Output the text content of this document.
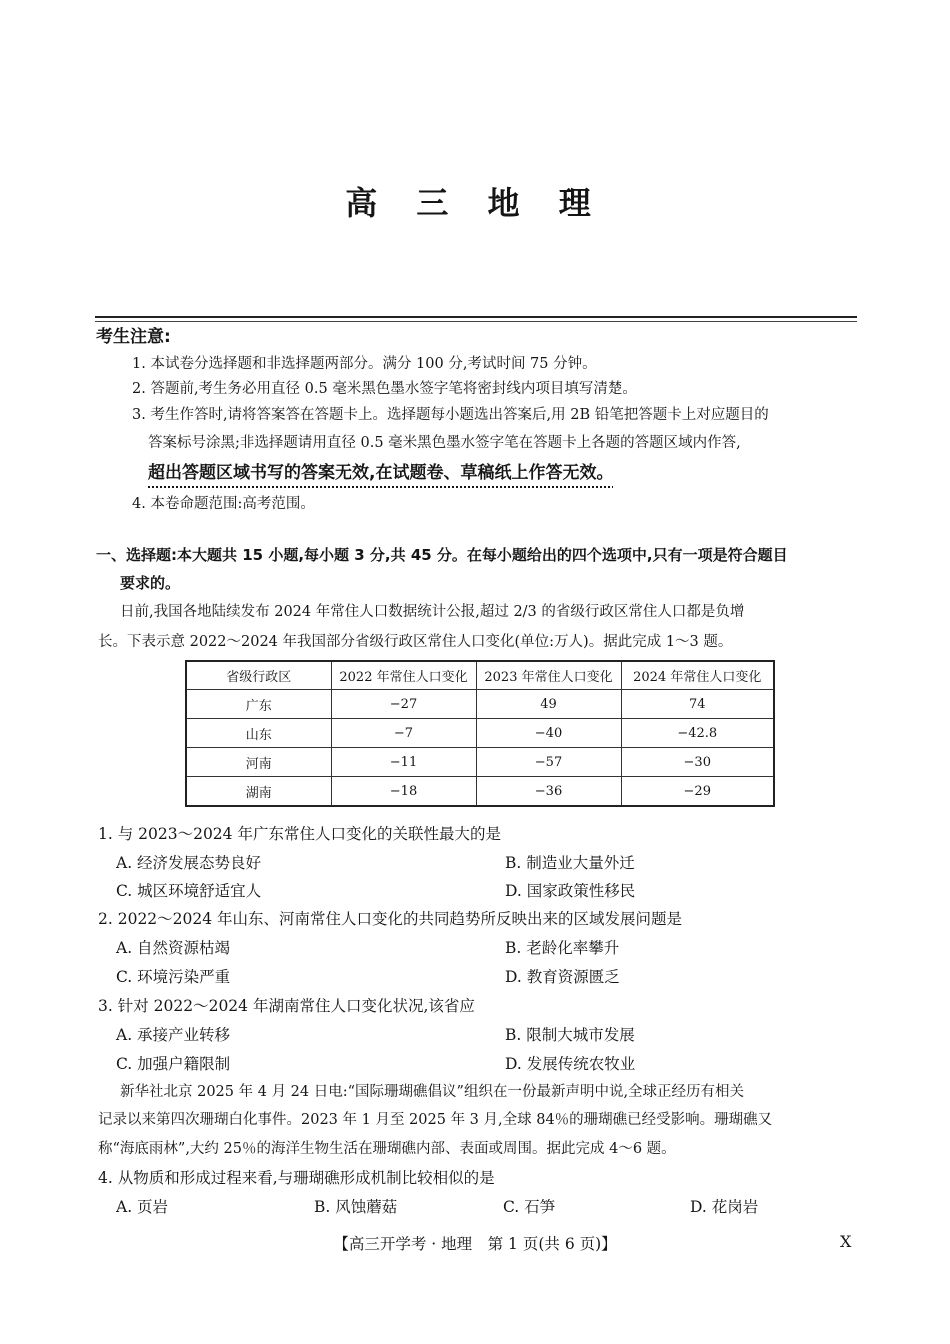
高 三 地 理
考生注意:
1. 本试卷分选择题和非选择题两部分。满分 100 分,考试时间 75 分钟。
2. 答题前,考生务必用直径 0.5 毫米黑色墨水签字笔将密封线内项目填写清楚。
3. 考生作答时,请将答案答在答题卡上。选择题每小题选出答案后,用 2B 铅笔把答题卡上对应题目的
答案标号涂黑;非选择题请用直径 0.5 毫米黑色墨水签字笔在答题卡上各题的答题区域内作答,
超出答题区域书写的答案无效,在试题卷、草稿纸上作答无效。
4. 本卷命题范围:高考范围。
一、选择题:本大题共 15 小题,每小题 3 分,共 45 分。在每小题给出的四个选项中,只有一项是符合题目
要求的。
日前,我国各地陆续发布 2024 年常住人口数据统计公报,超过 2/3 的省级行政区常住人口都是负增
长。下表示意 2022～2024 年我国部分省级行政区常住人口变化(单位:万人)。据此完成 1～3 题。
省级行政区	2022 年常住人口变化	2023 年常住人口变化	2024 年常住人口变化
广东	−27	49	74
山东	−7	−40	−42.8
河南	−11	−57	−30
湖南	−18	−36	−29
1. 与 2023～2024 年广东常住人口变化的关联性最大的是
A. 经济发展态势良好	B. 制造业大量外迁
C. 城区环境舒适宜人	D. 国家政策性移民
2. 2022～2024 年山东、河南常住人口变化的共同趋势所反映出来的区域发展问题是
A. 自然资源枯竭	B. 老龄化率攀升
C. 环境污染严重	D. 教育资源匮乏
3. 针对 2022～2024 年湖南常住人口变化状况,该省应
A. 承接产业转移	B. 限制大城市发展
C. 加强户籍限制	D. 发展传统农牧业
新华社北京 2025 年 4 月 24 日电:“国际珊瑚礁倡议”组织在一份最新声明中说,全球正经历有相关
记录以来第四次珊瑚白化事件。2023 年 1 月至 2025 年 3 月,全球 84％的珊瑚礁已经受影响。珊瑚礁又
称“海底雨林”,大约 25％的海洋生物生活在珊瑚礁内部、表面或周围。据此完成 4～6 题。
4. 从物质和形成过程来看,与珊瑚礁形成机制比较相似的是
A. 页岩	B. 风蚀蘑菇	C. 石笋	D. 花岗岩
【高三开学考 · 地理　第 1 页(共 6 页)】	X
